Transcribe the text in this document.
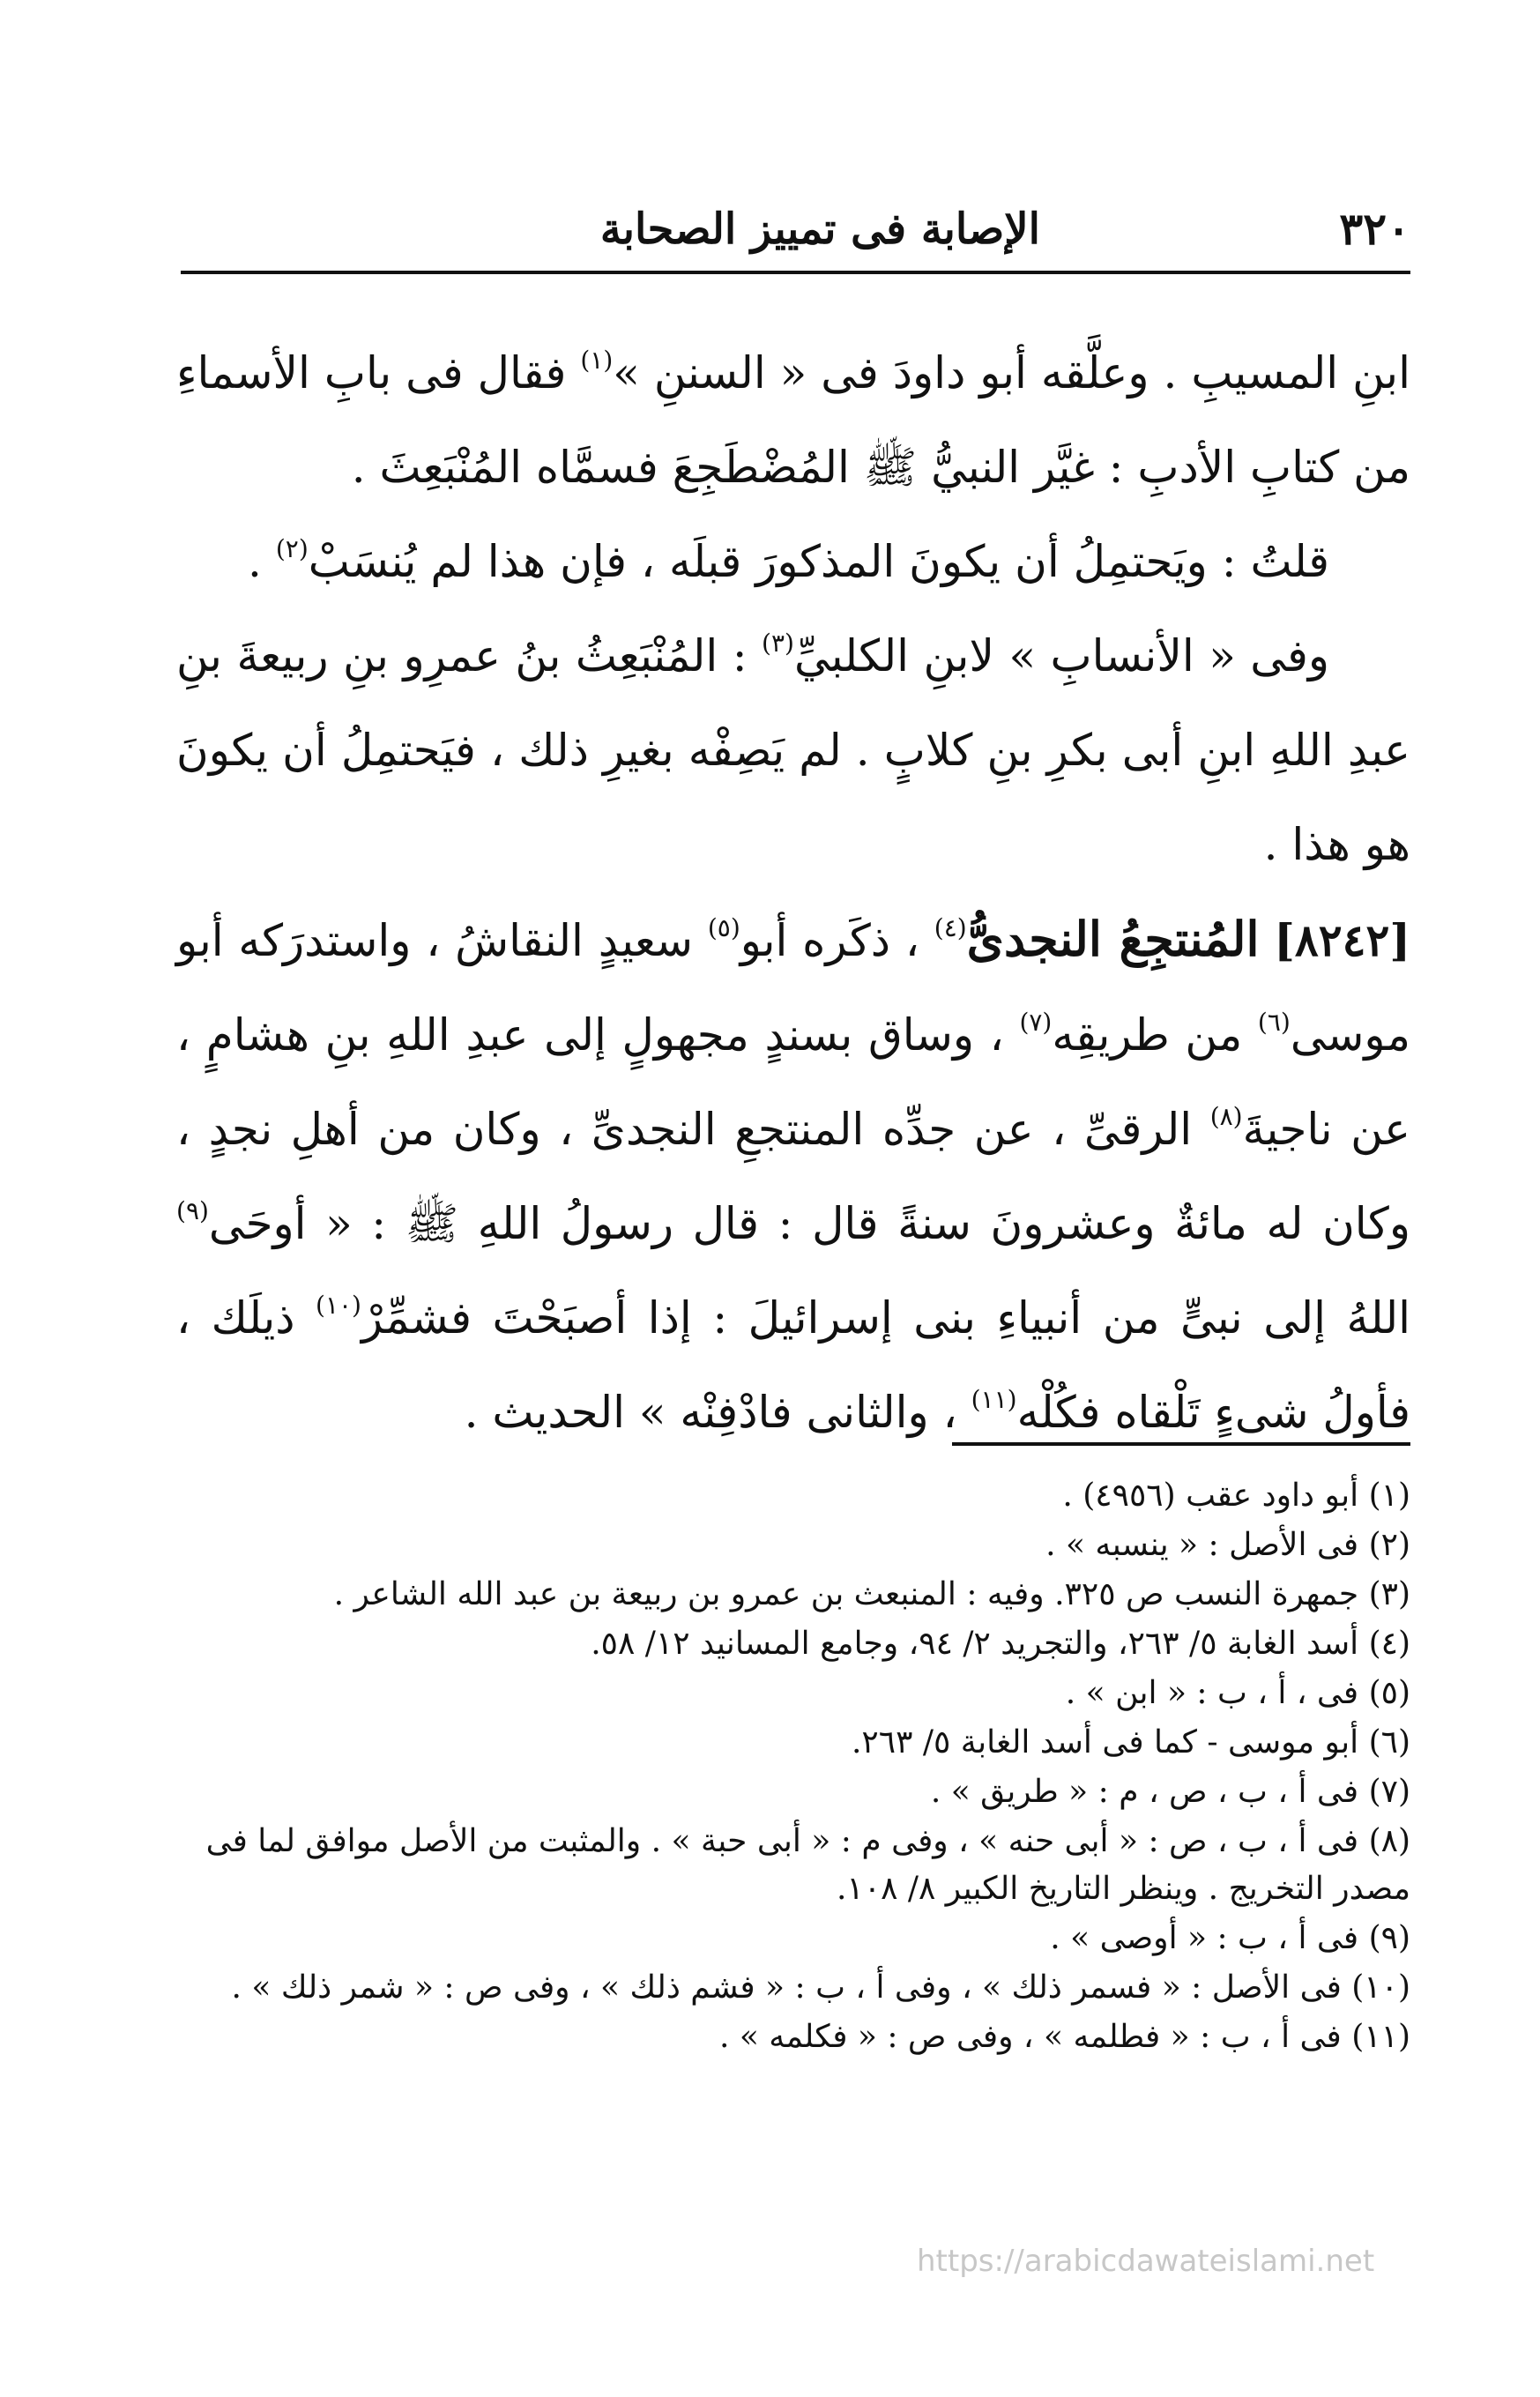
٣٢٠
الإصابة فى تمييز الصحابة

ابنِ المسيبِ . وعلَّقه أبو داودَ فى « السننِ »$^{(١)}$ فقال فى بابِ الأسماءِ من كتابِ الأدبِ : غيَّر النبيُّ ﷺ المُضْطَجِعَ فسمَّاه المُنْبَعِثَ .

قلتُ : ويَحتمِلُ أن يكونَ المذكورَ قبلَه ، فإن هذا لم يُنسَبْ$^{(٢)}$ .

وفى « الأنسابِ » لابنِ الكلبيِّ$^{(٣)}$ : المُنْبَعِثُ بنُ عمرِو بنِ ربيعةَ بنِ عبدِ اللهِ ابنِ أبى بكرِ بنِ كلابٍ . لم يَصِفْه بغيرِ ذلك ، فيَحتمِلُ أن يكونَ هو هذا .

[٨٢٤٢] المُنتجِعُ النجدىُّ$^{(٤)}$ ، ذكَره أبو$^{(٥)}$ سعيدٍ النقاشُ ، واستدرَكه أبو موسى$^{(٦)}$ من طريقِه$^{(٧)}$ ، وساق بسندٍ مجهولٍ إلى عبدِ اللهِ بنِ هشامٍ ، عن ناجيةَ$^{(٨)}$ الرقىِّ ، عن جدِّه المنتجعِ النجدىِّ ، وكان من أهلِ نجدٍ ، وكان له مائةٌ وعشرونَ سنةً قال : قال رسولُ اللهِ ﷺ : « أوحَى$^{(٩)}$ اللهُ إلى نبىٍّ من أنبياءِ بنى إسرائيلَ : إذا أصبَحْتَ فشمِّرْ$^{(١٠)}$ ذيلَك ، فأولُ شىءٍ تَلْقاه فكُلْه$^{(١١)}$ ، والثانى فادْفِنْه » الحديث .

(١) أبو داود عقب (٤٩٥٦) .

(٢) فى الأصل : « ينسبه » .

(٣) جمهرة النسب ص ٣٢٥. وفيه : المنبعث بن عمرو بن ربيعة بن عبد الله الشاعر .

(٤) أسد الغابة ٥/ ٢٦٣، والتجريد ٢/ ٩٤، وجامع المسانيد ١٢/ ٥٨.

(٥) فى ، أ ، ب : « ابن » .

(٦) أبو موسى - كما فى أسد الغابة ٥/ ٢٦٣.

(٧) فى أ ، ب ، ص ، م : « طريق » .

(٨) فى أ ، ب ، ص : « أبى حنه » ، وفى م : « أبى حبة » . والمثبت من الأصل موافق لما فى مصدر التخريج . وينظر التاريخ الكبير ٨/ ١٠٨.

(٩) فى أ ، ب : « أوصى » .

(١٠) فى الأصل : « فسمر ذلك » ، وفى أ ، ب : « فشم ذلك » ، وفى ص : « شمر ذلك » .

(١١) فى أ ، ب : « فطلمه » ، وفى ص : « فكلمه » .

https://arabicdawateislami.net
